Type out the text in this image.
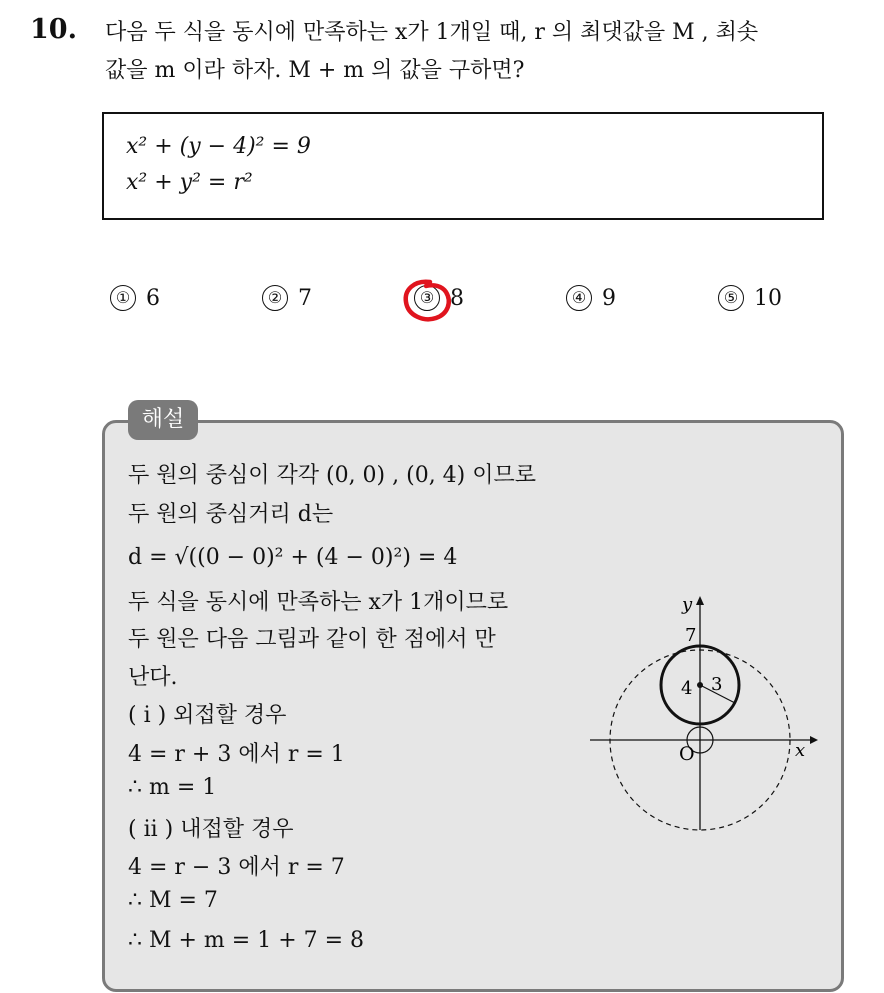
10. 다음 두 식을 동시에 만족하는 x가 1개일 때, r 의 최댓값을 M , 최솟
값을 m 이라 하자. M + m 의 값을 구하면?
x² + (y − 4)² = 9
x² + y² = r²
① 6	② 7	③ 8	④ 9	⑤ 10
해설
두 원의 중심이 각각 (0, 0) , (0, 4) 이므로
두 원의 중심거리 d는
d = √((0 − 0)² + (4 − 0)²) = 4
두 식을 동시에 만족하는 x가 1개이므로
두 원은 다음 그림과 같이 한 점에서 만
난다.
( i ) 외접할 경우
4 = r + 3 에서 r = 1
∴ m = 1
( ii ) 내접할 경우
4 = r − 3 에서 r = 7
∴ M = 7
∴ M + m = 1 + 7 = 8
y
x
O
7
4 3
